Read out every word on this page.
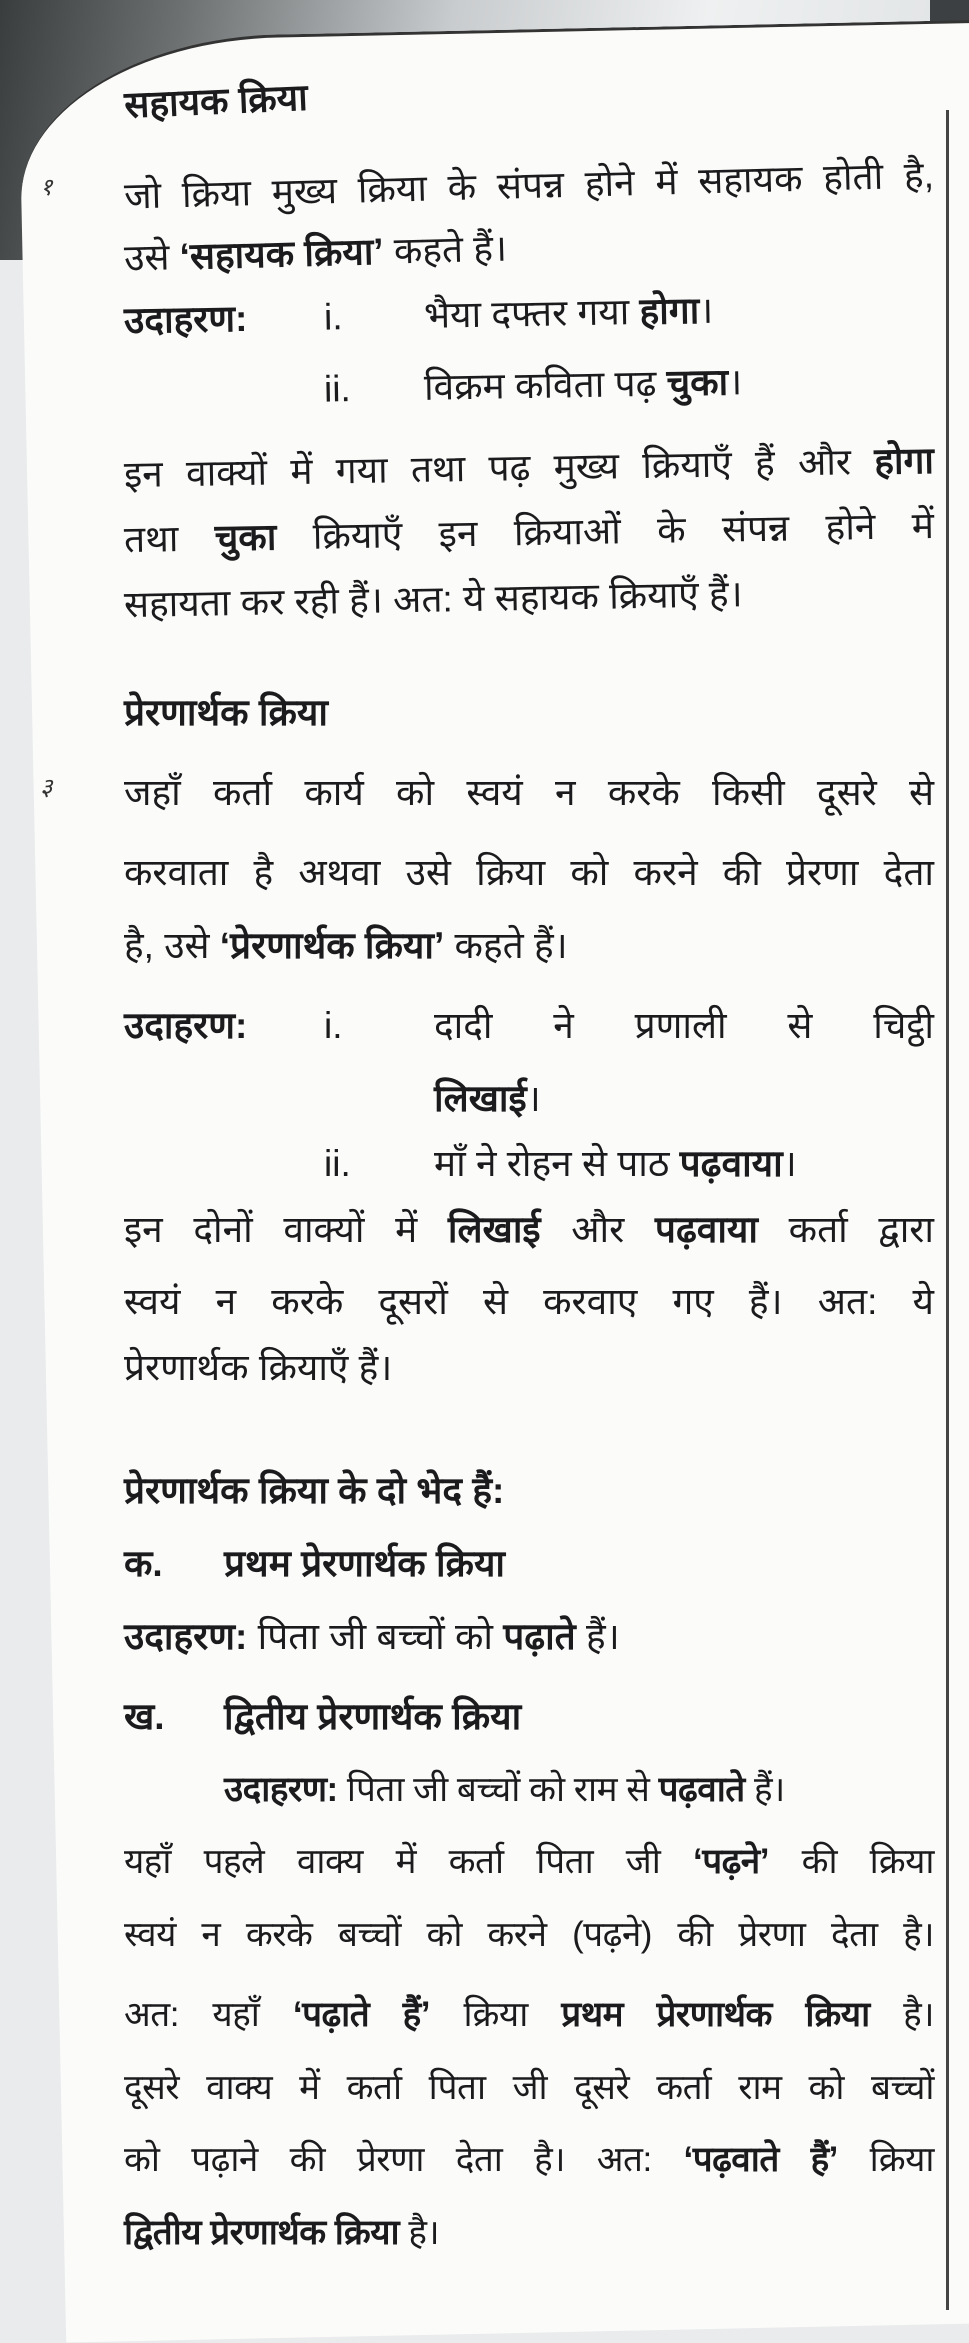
१
३
सहायक क्रिया
जो क्रिया मुख्य क्रिया के संपन्न होने में सहायक होती है,
उसे ‘सहायक क्रिया’ कहते हैं।
उदाहरण: i. भैया दफ्तर गया होगा।
ii. विक्रम कविता पढ़ चुका।
इन वाक्यों में गया तथा पढ़ मुख्य क्रियाएँ हैं और होगा
तथा चुका क्रियाएँ इन क्रियाओं के संपन्न होने में
सहायता कर रही हैं। अत: ये सहायक क्रियाएँ हैं।
प्रेरणार्थक क्रिया
जहाँ कर्ता कार्य को स्वयं न करके किसी दूसरे से
करवाता है अथवा उसे क्रिया को करने की प्रेरणा देता
है, उसे ‘प्रेरणार्थक क्रिया’ कहते हैं।
उदाहरण:	i.	दादी ने प्रणाली से चिट्ठी
लिखाई।
ii. माँ ने रोहन से पाठ पढ़वाया।
इन दोनों वाक्यों में लिखाई और पढ़वाया कर्ता द्वारा
स्वयं न करके दूसरों से करवाए गए हैं। अत: ये
प्रेरणार्थक क्रियाएँ हैं।
प्रेरणार्थक क्रिया के दो भेद हैं:
क. प्रथम प्रेरणार्थक क्रिया
उदाहरण: पिता जी बच्चों को पढ़ाते हैं।
ख. द्वितीय प्रेरणार्थक क्रिया
उदाहरण: पिता जी बच्चों को राम से पढ़वाते हैं।
यहाँ पहले वाक्य में कर्ता पिता जी ‘पढ़ने’ की क्रिया
स्वयं न करके बच्चों को करने (पढ़ने) की प्रेरणा देता है।
अत: यहाँ ‘पढ़ाते हैं’ क्रिया प्रथम प्रेरणार्थक क्रिया है।
दूसरे वाक्य में कर्ता पिता जी दूसरे कर्ता राम को बच्चों
को पढ़ाने की प्रेरणा देता है। अत: ‘पढ़वाते हैं’ क्रिया
द्वितीय प्रेरणार्थक क्रिया है।
